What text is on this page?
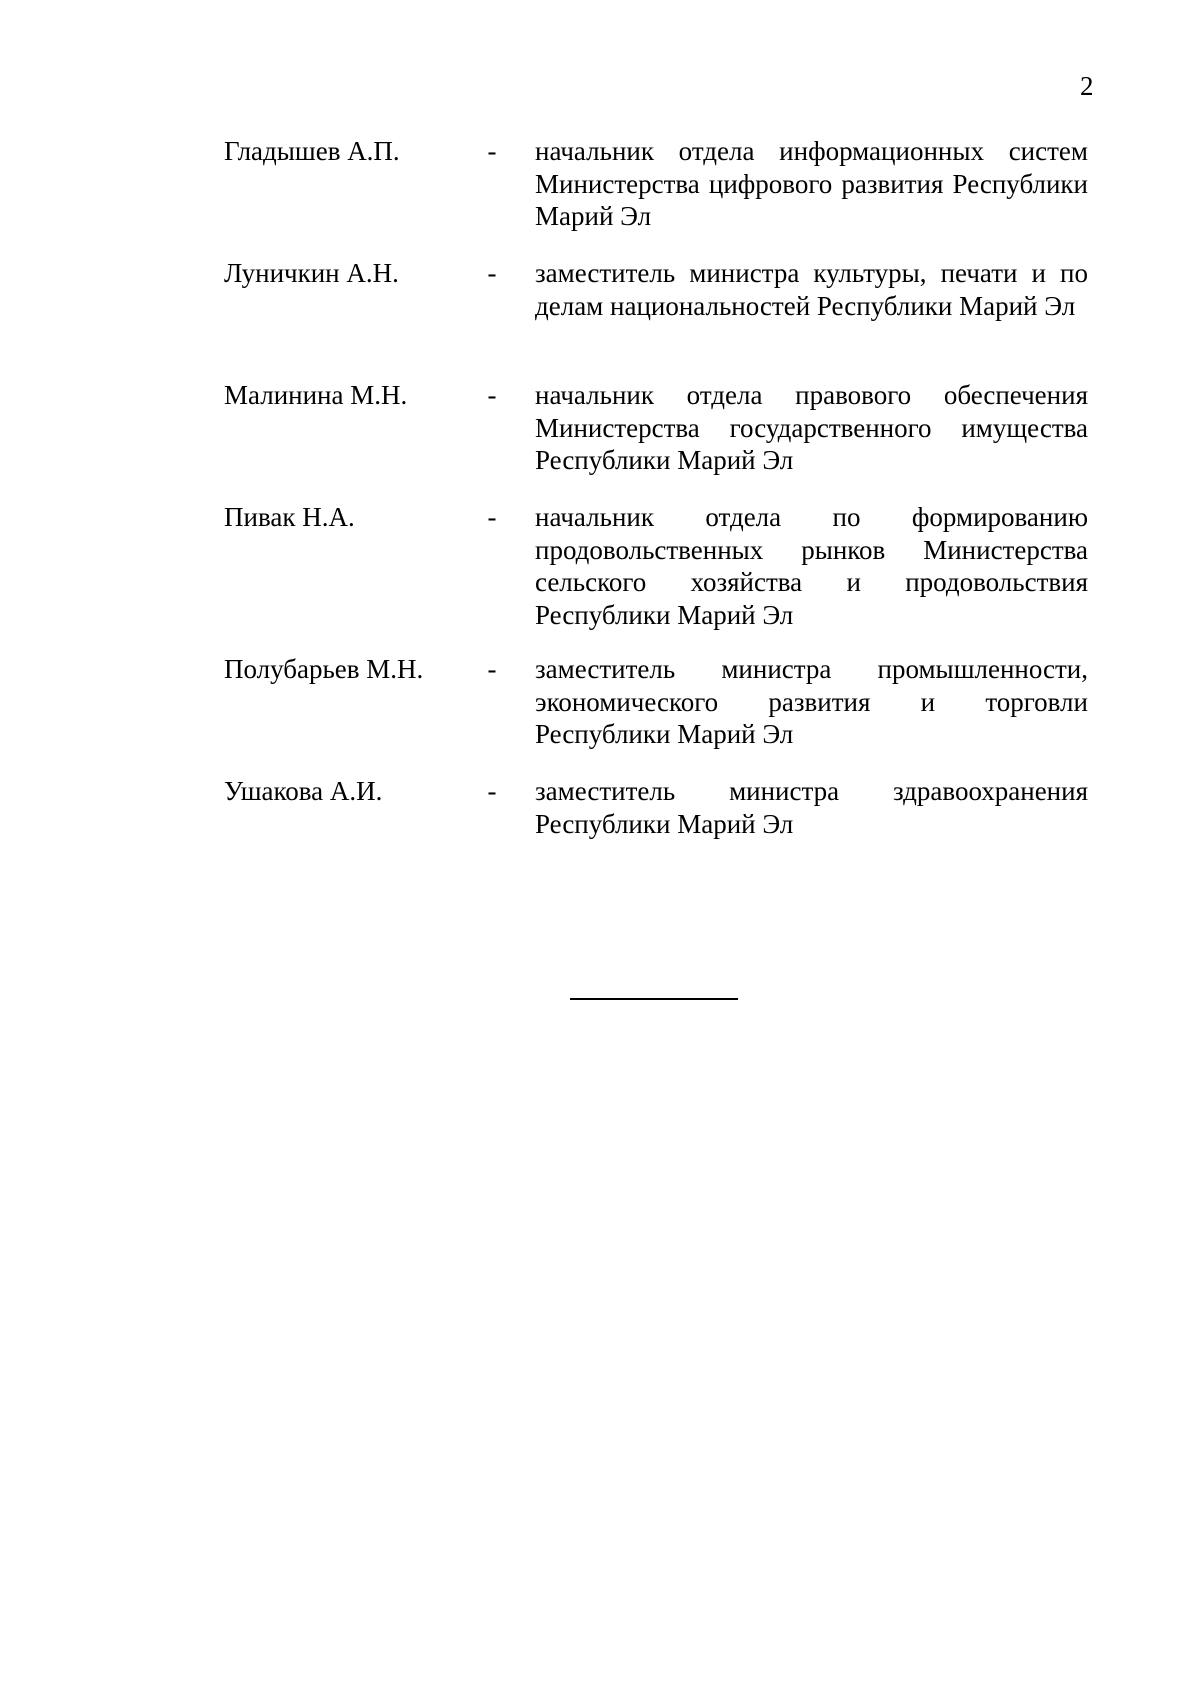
2
Гладышев А.П.	- начальник отдела информационных систем Министерства цифрового развития Республики Марий Эл
Луничкин А.Н.	- заместитель министра культуры, печати и по делам национальностей Республики Марий Эл
Малинина М.Н.	- начальник отдела правового обеспечения Министерства государственного имущества Республики Марий Эл
Пивак Н.А.	- начальник отдела по формированию продовольственных рынков Министерства сельского хозяйства и продовольствия Республики Марий Эл
Полубарьев М.Н.	- заместитель министра промышленности, экономического развития и торговли Республики Марий Эл
Ушакова А.И.	- заместитель министра здравоохранения Республики Марий Эл
